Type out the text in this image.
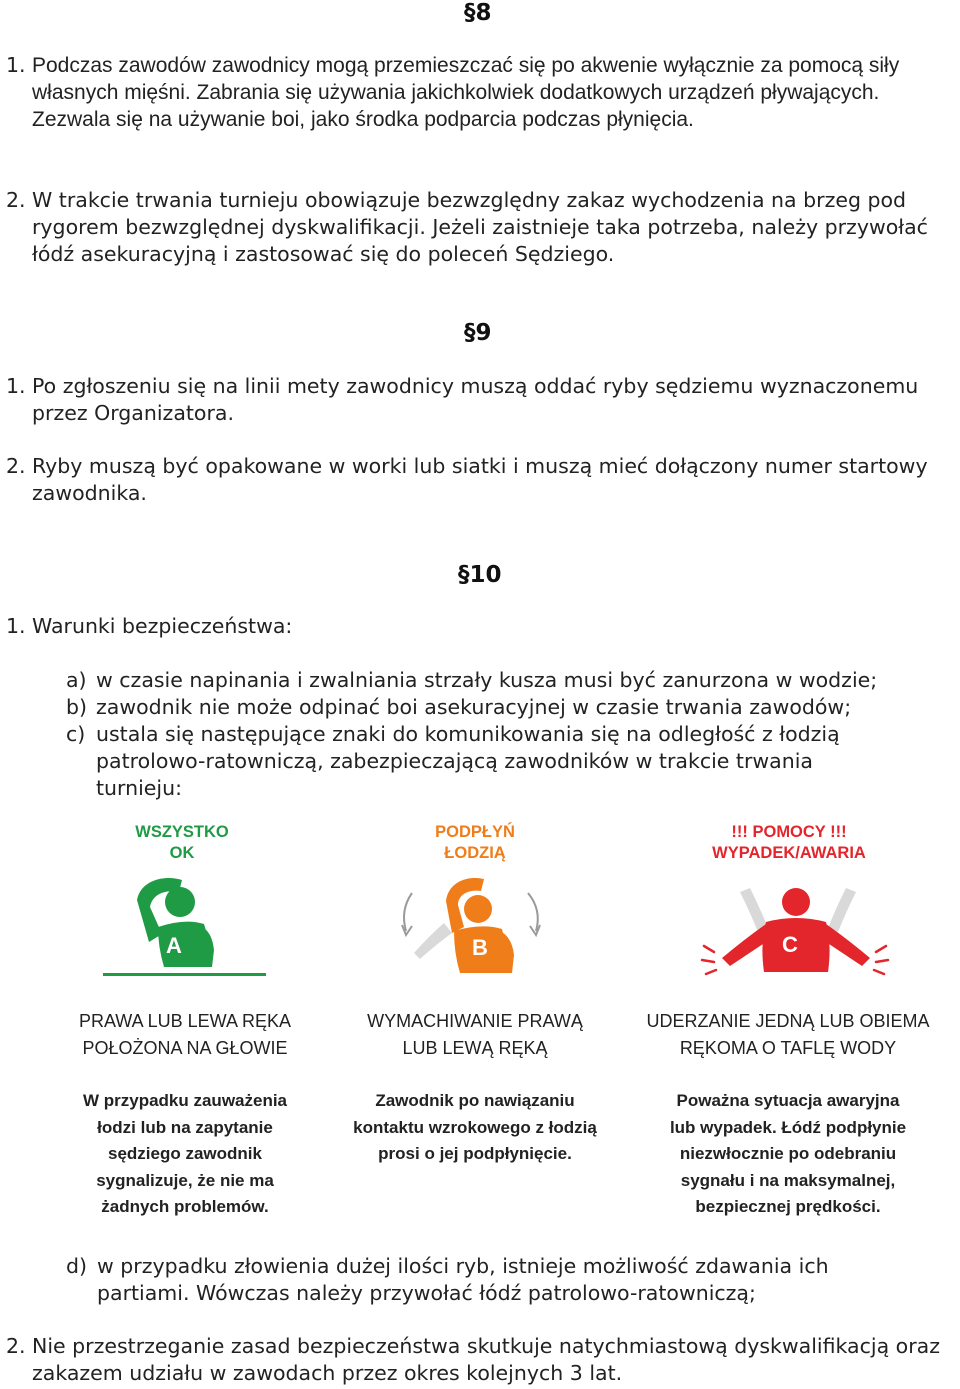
§8
1. Podczas zawodów zawodnicy mogą przemieszczać się po akwenie wyłącznie za pomocą siły własnych mięśni. Zabrania się używania jakichkolwiek dodatkowych urządzeń pływających. Zezwala się na używanie boi, jako środka podparcia podczas płynięcia.
2. W trakcie trwania turnieju obowiązuje bezwzględny zakaz wychodzenia na brzeg pod rygorem bezwzględnej dyskwalifikacji. Jeżeli zaistnieje taka potrzeba, należy przywołać łódź asekuracyjną i zastosować się do poleceń Sędziego.
§9
1. Po zgłoszeniu się na linii mety zawodnicy muszą oddać ryby sędziemu wyznaczonemu przez Organizatora.
2. Ryby muszą być opakowane w worki lub siatki i muszą mieć dołączony numer startowy zawodnika.
§10
1. Warunki bezpieczeństwa:
a) w czasie napinania i zwalniania strzały kusza musi być zanurzona w wodzie;
b) zawodnik nie może odpinać boi asekuracyjnej w czasie trwania zawodów;
c) ustala się następujące znaki do komunikowania się na odległość z łodzią patrolowo-ratowniczą, zabezpieczającą zawodników w trakcie trwania turnieju:
WSZYSTKO
OK
PODPŁYŃ
ŁODZIĄ
!!! POMOCY !!!
WYPADEK/AWARIA
A	B	C
PRAWA LUB LEWA RĘKA
POŁOŻONA NA GŁOWIE
WYMACHIWANIE PRAWĄ
LUB LEWĄ RĘKĄ
UDERZANIE JEDNĄ LUB OBIEMA
RĘKOMA O TAFLĘ WODY
W przypadku zauważenia
łodzi lub na zapytanie
sędziego zawodnik
sygnalizuje, że nie ma
żadnych problemów.
Zawodnik po nawiązaniu
kontaktu wzrokowego z łodzią
prosi o jej podpłynięcie.
Poważna sytuacja awaryjna
lub wypadek. Łódź podpłynie
niezwłocznie po odebraniu
sygnału i na maksymalnej,
bezpiecznej prędkości.
d) w przypadku złowienia dużej ilości ryb, istnieje możliwość zdawania ich partiami. Wówczas należy przywołać łódź patrolowo-ratowniczą;
2. Nie przestrzeganie zasad bezpieczeństwa skutkuje natychmiastową dyskwalifikacją oraz zakazem udziału w zawodach przez okres kolejnych 3 lat.
